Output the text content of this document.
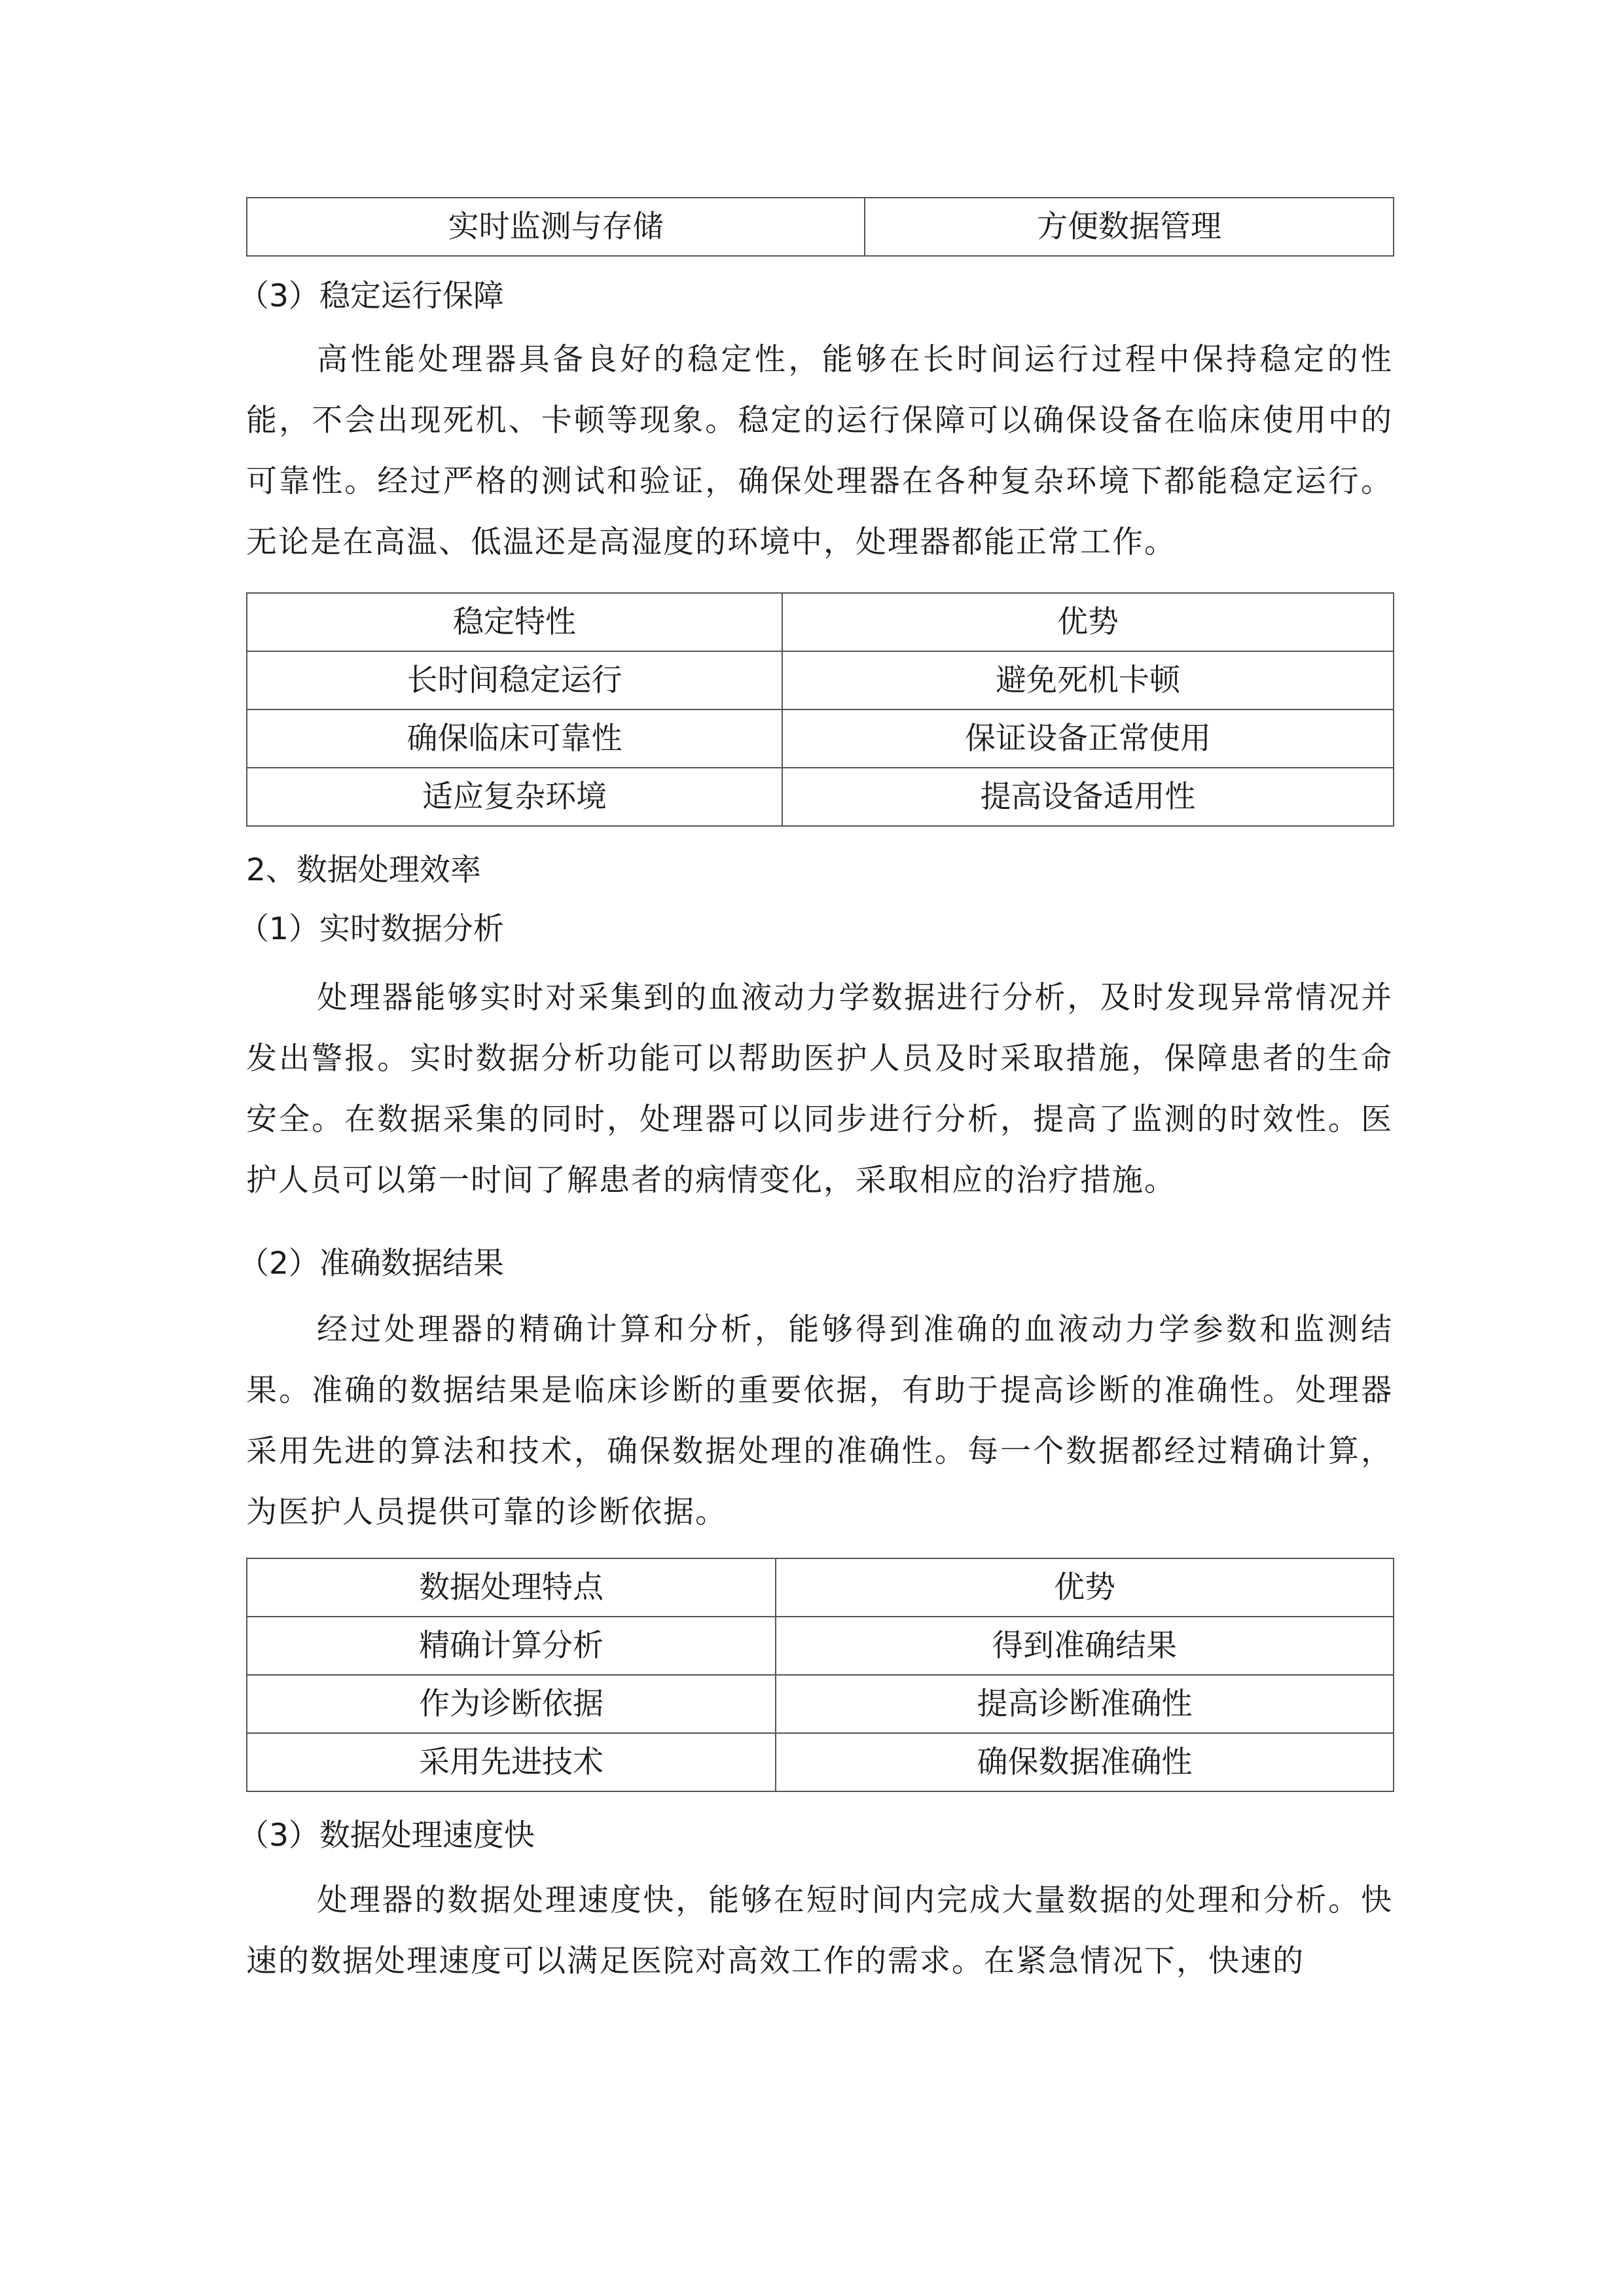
实时监测与存储	方便数据管理
（3）稳定运行保障
高性能处理器具备良好的稳定性，能够在长时间运行过程中保持稳定的性能，不会出现死机、卡顿等现象。稳定的运行保障可以确保设备在临床使用中的可靠性。经过严格的测试和验证，确保处理器在各种复杂环境下都能稳定运行。无论是在高温、低温还是高湿度的环境中，处理器都能正常工作。
稳定特性	优势
长时间稳定运行	避免死机卡顿
确保临床可靠性	保证设备正常使用
适应复杂环境	提高设备适用性
2、数据处理效率
（1）实时数据分析
处理器能够实时对采集到的血液动力学数据进行分析，及时发现异常情况并发出警报。实时数据分析功能可以帮助医护人员及时采取措施，保障患者的生命安全。在数据采集的同时，处理器可以同步进行分析，提高了监测的时效性。医护人员可以第一时间了解患者的病情变化，采取相应的治疗措施。
（2）准确数据结果
经过处理器的精确计算和分析，能够得到准确的血液动力学参数和监测结果。准确的数据结果是临床诊断的重要依据，有助于提高诊断的准确性。处理器采用先进的算法和技术，确保数据处理的准确性。每一个数据都经过精确计算，为医护人员提供可靠的诊断依据。
数据处理特点	优势
精确计算分析	得到准确结果
作为诊断依据	提高诊断准确性
采用先进技术	确保数据准确性
（3）数据处理速度快
处理器的数据处理速度快，能够在短时间内完成大量数据的处理和分析。快速的数据处理速度可以满足医院对高效工作的需求。在紧急情况下，快速的
